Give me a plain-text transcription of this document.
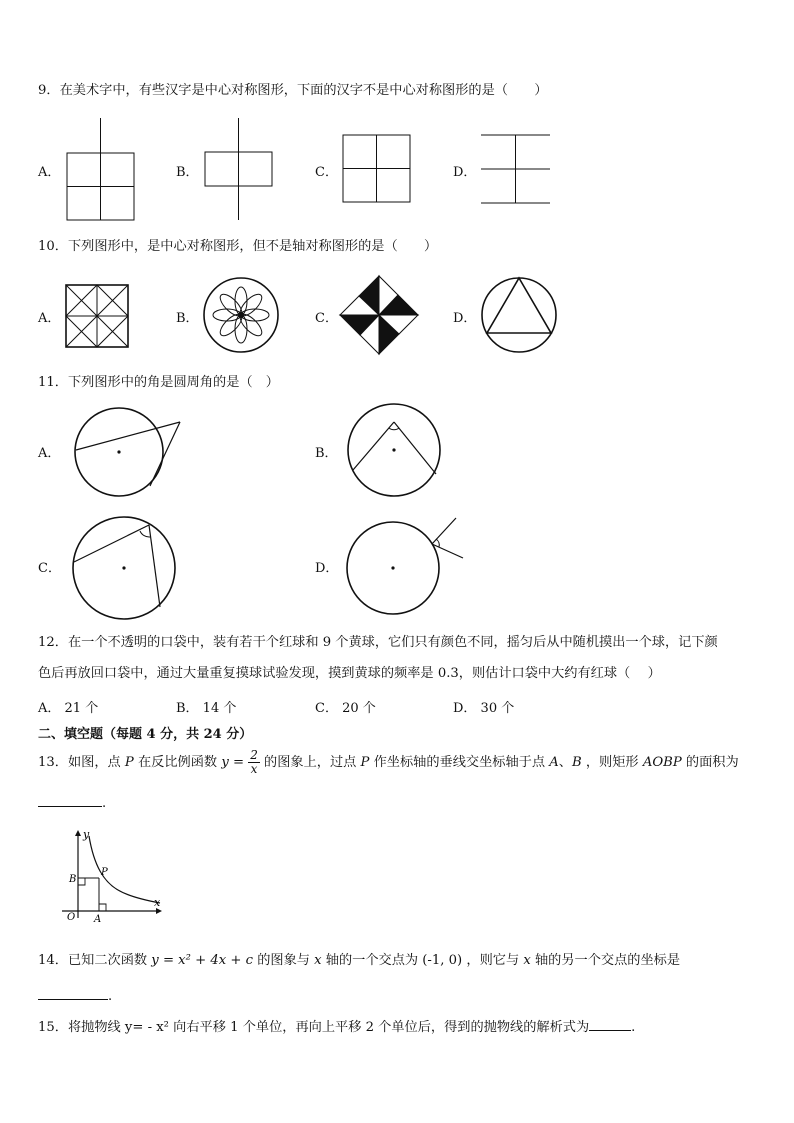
9．在美术字中，有些汉字是中心对称图形，下面的汉字不是中心对称图形的是（　　）
A．	B．	C．	D．
10．下列图形中，是中心对称图形，但不是轴对称图形的是（　　）
A．	B．	C．	D．
11．下列图形中的角是圆周角的是（　）
A．	B．
C．	D．
12．在一个不透明的口袋中，装有若干个红球和 9 个黄球，它们只有颜色不同，摇匀后从中随机摸出一个球，记下颜
色后再放回口袋中，通过大量重复摸球试验发现，摸到黄球的频率是 0.3，则估计口袋中大约有红球（　 ）
A． 21 个	B． 14 个	C． 20 个	D． 30 个
二、填空题（每题 4 分，共 24 分）
13．如图，点 P 在反比例函数 $y = \frac{2}{x}$ 的图象上，过点 P 作坐标轴的垂线交坐标轴于点 A、B ，则矩形 AOBP 的面积为
.
y
x
B
P
O A
14．已知二次函数 y = x² + 4x + c 的图象与 x 轴的一个交点为 (-1, 0) ，则它与 x 轴的另一个交点的坐标是
.
15．将抛物线 y= - x² 向右平移 1 个单位，再向上平移 2 个单位后，得到的抛物线的解析式为	.
